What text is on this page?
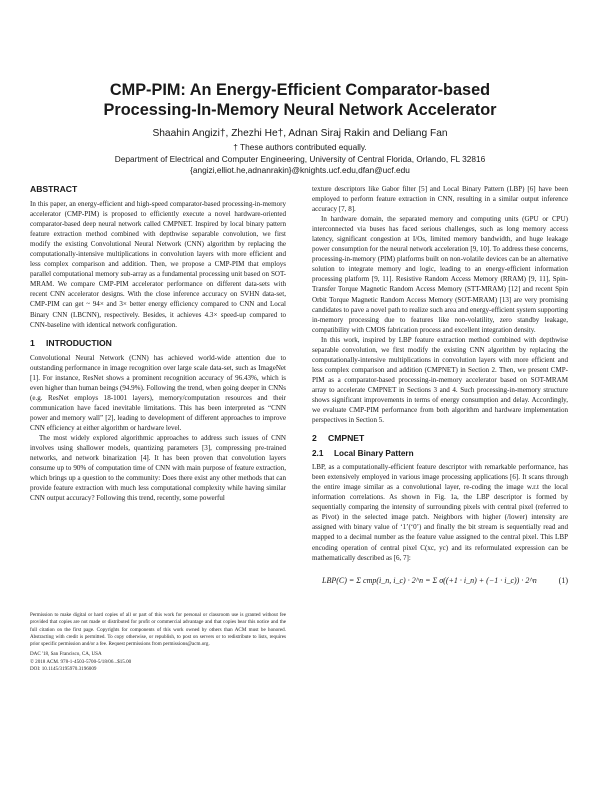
CMP-PIM: An Energy-Efficient Comparator-based
Processing-In-Memory Neural Network Accelerator
Shaahin Angizi†, Zhezhi He†, Adnan Siraj Rakin and Deliang Fan
† These authors contributed equally.
Department of Electrical and Computer Engineering, University of Central Florida, Orlando, FL 32816
{angizi,elliot.he,adnanrakin}@knights.ucf.edu,dfan@ucf.edu
ABSTRACT

In this paper, an energy-efficient and high-speed comparator-based processing-in-memory accelerator (CMP-PIM) is proposed to efficiently execute a novel hardware-oriented comparator-based deep neural network called CMPNET. Inspired by local binary pattern feature extraction method combined with depthwise separable convolution, we first modify the existing Convolutional Neural Network (CNN) algorithm by replacing the computationally-intensive multiplications in convolution layers with more efficient and less complex comparison and addition. Then, we propose a CMP-PIM that employs parallel computational memory sub-array as a fundamental processing unit based on SOT-MRAM. We compare CMP-PIM accelerator performance on different data-sets with recent CNN accelerator designs. With the close inference accuracy on SVHN data-set, CMP-PIM can get ~ 94× and 3× better energy efficiency compared to CNN and Local Binary CNN (LBCNN), respectively. Besides, it achieves 4.3× speed-up compared to CNN-baseline with identical network configuration.

1 INTRODUCTION

Convolutional Neural Network (CNN) has achieved world-wide attention due to outstanding performance in image recognition over large scale data-set, such as ImageNet [1]. For instance, ResNet shows a prominent recognition accuracy of 96.43%, which is even higher than human beings (94.9%). Following the trend, when going deeper in CNNs (e.g. ResNet employs 18-1001 layers), memory/computation resources and their communication have faced inevitable limitations. This has been interpreted as “CNN power and memory wall” [2], leading to development of different approaches to improve CNN efficiency at either algorithm or hardware level.

The most widely explored algorithmic approaches to address such issues of CNN involves using shallower models, quantizing parameters [3], compressing pre-trained networks, and network binarization [4]. It has been proven that convolution layers consume up to 90% of computation time of CNN with main purpose of feature extraction, which brings up a question to the community: Does there exist any other methods that can provide feature extraction with much less computational complexity while having similar CNN output accuracy? Following this trend, recently, some powerful

Permission to make digital or hard copies of all or part of this work for personal or classroom use is granted without fee provided that copies are not made or distributed for profit or commercial advantage and that copies bear this notice and the full citation on the first page. Copyrights for components of this work owned by others than ACM must be honored. Abstracting with credit is permitted. To copy otherwise, or republish, to post on servers or to redistribute to lists, requires prior specific permission and/or a fee. Request permissions from permissions@acm.org.

DAC '18, San Francisco, CA, USA
© 2018 ACM. 978-1-4503-5700-5/18/06...$15.00
DOI: 10.1145/3195970.3196009

texture descriptors like Gabor filter [5] and Local Binary Pattern (LBP) [6] have been employed to perform feature extraction in CNN, resulting in a similar output inference accuracy [7, 8].

In hardware domain, the separated memory and computing units (GPU or CPU) interconnected via buses has faced serious challenges, such as long memory access latency, significant congestion at I/Os, limited memory bandwidth, and huge leakage power consumption for the neural network acceleration [9, 10]. To address these concerns, processing-in-memory (PIM) platforms built on non-volatile devices can be an alternative solution to integrate memory and logic, leading to an energy-efficient information processing platform [9, 11]. Resistive Random Access Memory (RRAM) [9, 11], Spin-Transfer Torque Magnetic Random Access Memory (STT-MRAM) [12] and recent Spin Orbit Torque Magnetic Random Access Memory (SOT-MRAM) [13] are very promising candidates to pave a novel path to realize such area and energy-efficient system supporting in-memory processing due to features like non-volatility, zero standby leakage, compatibility with CMOS fabrication process and excellent integration density.

In this work, inspired by LBP feature extraction method combined with depthwise separable convolution, we first modify the existing CNN algorithm by replacing the computationally-intensive multiplications in convolution layers with more efficient and less complex comparison and addition (CMPNET) in Section 2. Then, we present CMP-PIM as a comparator-based processing-in-memory accelerator based on SOT-MRAM array to accelerate CMPNET in Sections 3 and 4. Such processing-in-memory structure shows significant improvements in terms of energy consumption and delay. Accordingly, we evaluate CMP-PIM performance from both algorithm and hardware implementation perspectives in Section 5.

2 CMPNET
2.1 Local Binary Pattern

LBP, as a computationally-efficient feature descriptor with remarkable performance, has been extensively employed in various image processing applications [6]. It scans through the entire image similar as a convolutional layer, re-coding the image w.r.t the local information correlations. As shown in Fig. 1a, the LBP descriptor is formed by sequentially comparing the intensity of surrounding pixels with central pixel (referred to as Pivot) in the selected image patch. Neighbors with higher (/lower) intensity are assigned with binary value of ‘1’(‘0’) and finally the bit stream is sequentially read and mapped to a decimal number as the feature value assigned to the central pixel. This LBP encoding operation of central pixel C(xc, yc) and its reformulated expression can be mathematically described as [6, 7]:

LBP(C) = Σ cmp(i_n, i_c) · 2^n = Σ σ((+1 · i_n) + (−1 · i_c)) · 2^n	(1)
